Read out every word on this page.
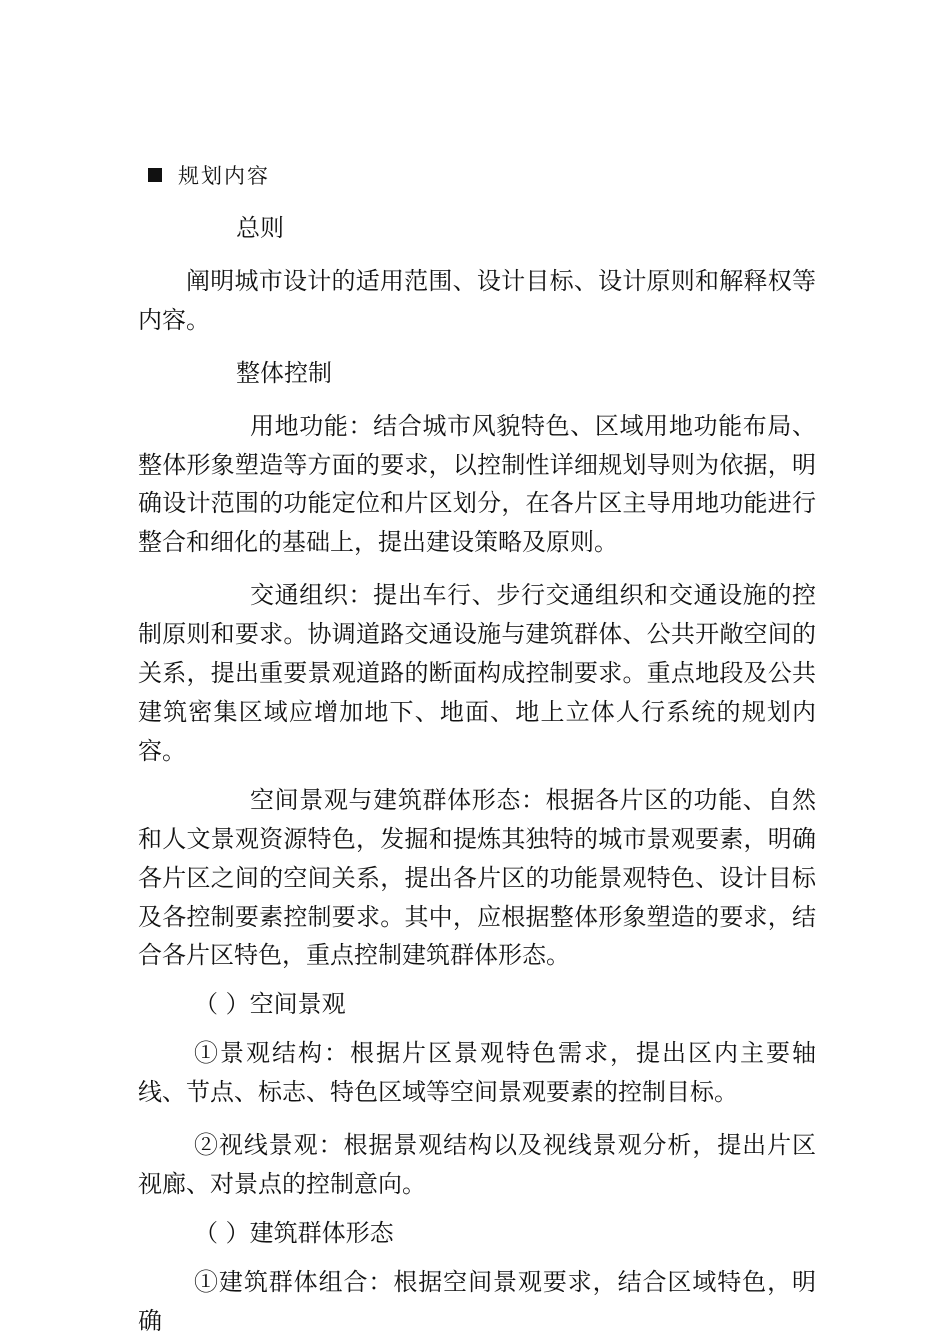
规划内容

总则

阐明城市设计的适用范围、设计目标、设计原则和解释权等内容。

整体控制

用地功能：结合城市风貌特色、区域用地功能布局、整体形象塑造等方面的要求，以控制性详细规划导则为依据，明确设计范围的功能定位和片区划分，在各片区主导用地功能进行整合和细化的基础上，提出建设策略及原则。

交通组织：提出车行、步行交通组织和交通设施的控制原则和要求。协调道路交通设施与建筑群体、公共开敞空间的关系，提出重要景观道路的断面构成控制要求。重点地段及公共建筑密集区域应增加地下、地面、地上立体人行系统的规划内容。

空间景观与建筑群体形态：根据各片区的功能、自然和人文景观资源特色，发掘和提炼其独特的城市景观要素，明确各片区之间的空间关系，提出各片区的功能景观特色、设计目标及各控制要素控制要求。其中，应根据整体形象塑造的要求，结合各片区特色，重点控制建筑群体形态。

（ ）空间景观

①景观结构：根据片区景观特色需求，提出区内主要轴线、节点、标志、特色区域等空间景观要素的控制目标。

②视线景观：根据景观结构以及视线景观分析，提出片区视廊、对景点的控制意向。

（ ）建筑群体形态

①建筑群体组合：根据空间景观要求，结合区域特色，明确
